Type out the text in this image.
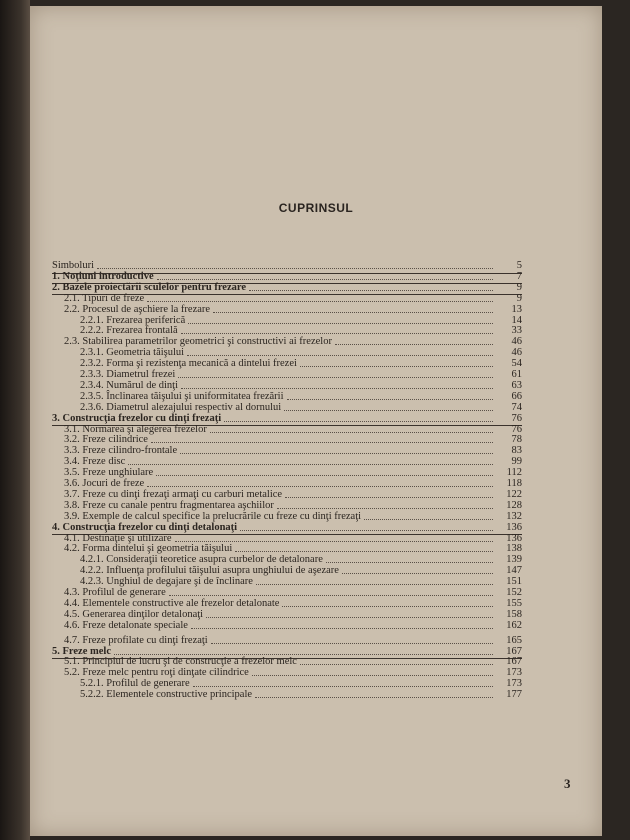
CUPRINSUL
Simboluri	5
1. Noţiuni introductive	7
2. Bazele proiectării sculelor pentru frezare	9
2.1. Tipuri de freze	9
2.2. Procesul de aşchiere la frezare	13
2.2.1. Frezarea periferică	14
2.2.2. Frezarea frontală	33
2.3. Stabilirea parametrilor geometrici şi constructivi ai frezelor	46
2.3.1. Geometria tăişului	46
2.3.2. Forma şi rezistenţa mecanică a dintelui frezei	54
2.3.3. Diametrul frezei	61
2.3.4. Numărul de dinţi	63
2.3.5. Înclinarea tăişului şi uniformitatea frezării	66
2.3.6. Diametrul alezajului respectiv al dornului	74
3. Construcţia frezelor cu dinţi frezaţi	76
3.1. Normarea şi alegerea frezelor	76
3.2. Freze cilindrice	78
3.3. Freze cilindro-frontale	83
3.4. Freze disc	99
3.5. Freze unghiulare	112
3.6. Jocuri de freze	118
3.7. Freze cu dinţi frezaţi armaţi cu carburi metalice	122
3.8. Freze cu canale pentru fragmentarea aşchiilor	128
3.9. Exemple de calcul specifice la prelucrările cu freze cu dinţi frezaţi	132
4. Construcţia frezelor cu dinţi detalonaţi	136
4.1. Destinaţie şi utilizare	136
4.2. Forma dintelui şi geometria tăişului	138
4.2.1. Consideraţii teoretice asupra curbelor de detalonare	139
4.2.2. Influenţa profilului tăişului asupra unghiului de aşezare	147
4.2.3. Unghiul de degajare şi de înclinare	151
4.3. Profilul de generare	152
4.4. Elementele constructive ale frezelor detalonate	155
4.5. Generarea dinţilor detalonaţi	158
4.6. Freze detalonate speciale	162
4.7. Freze profilate cu dinţi frezaţi	165
5. Freze melc	167
5.1. Principiul de lucru şi de construcţie a frezelor melc	167
5.2. Freze melc pentru roţi dinţate cilindrice	173
5.2.1. Profilul de generare	173
5.2.2. Elementele constructive principale	177
3
